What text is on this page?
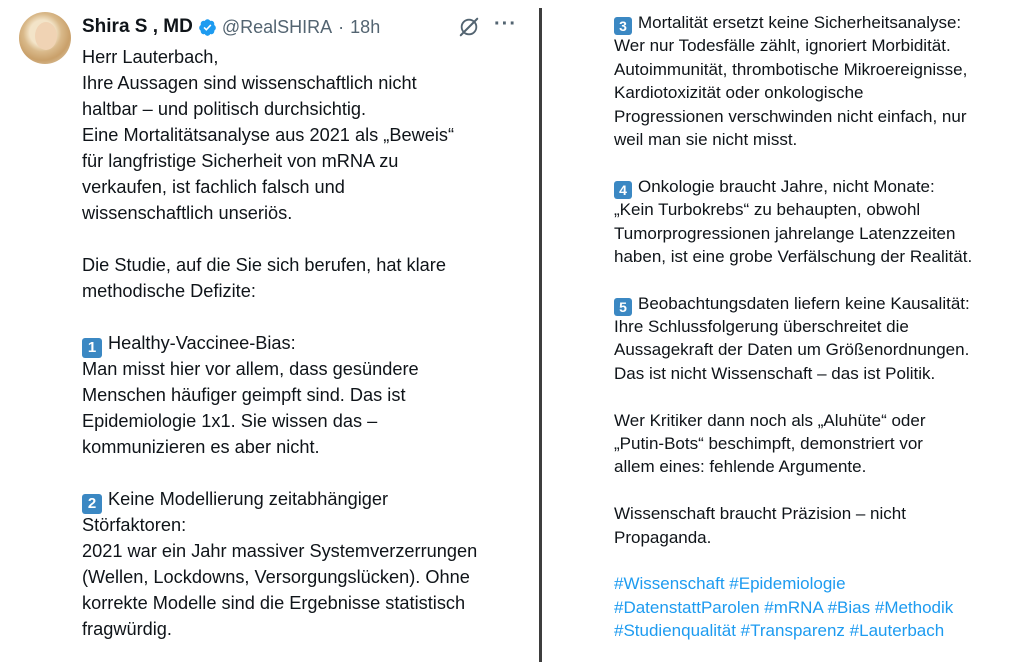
Shira S , MD @RealSHIRA · 18h	···
Herr Lauterbach,
Ihre Aussagen sind wissenschaftlich nicht
haltbar – und politisch durchsichtig.
Eine Mortalitätsanalyse aus 2021 als „Beweis“
für langfristige Sicherheit von mRNA zu
verkaufen, ist fachlich falsch und
wissenschaftlich unseriös.
Die Studie, auf die Sie sich berufen, hat klare
methodische Defizite:
1 Healthy-Vaccinee-Bias:
Man misst hier vor allem, dass gesündere
Menschen häufiger geimpft sind. Das ist
Epidemiologie 1x1. Sie wissen das –
kommunizieren es aber nicht.
2 Keine Modellierung zeitabhängiger
Störfaktoren:
2021 war ein Jahr massiver Systemverzerrungen
(Wellen, Lockdowns, Versorgungslücken). Ohne
korrekte Modelle sind die Ergebnisse statistisch
fragwürdig.
3 Mortalität ersetzt keine Sicherheitsanalyse:
Wer nur Todesfälle zählt, ignoriert Morbidität.
Autoimmunität, thrombotische Mikroereignisse,
Kardiotoxizität oder onkologische
Progressionen verschwinden nicht einfach, nur
weil man sie nicht misst.
4 Onkologie braucht Jahre, nicht Monate:
„Kein Turbokrebs“ zu behaupten, obwohl
Tumorprogressionen jahrelange Latenzzeiten
haben, ist eine grobe Verfälschung der Realität.
5 Beobachtungsdaten liefern keine Kausalität:
Ihre Schlussfolgerung überschreitet die
Aussagekraft der Daten um Größenordnungen.
Das ist nicht Wissenschaft – das ist Politik.
Wer Kritiker dann noch als „Aluhüte“ oder
„Putin-Bots“ beschimpft, demonstriert vor
allem eines: fehlende Argumente.
Wissenschaft braucht Präzision – nicht
Propaganda.
#Wissenschaft #Epidemiologie
#DatenstattParolen #mRNA #Bias #Methodik
#Studienqualität #Transparenz #Lauterbach
